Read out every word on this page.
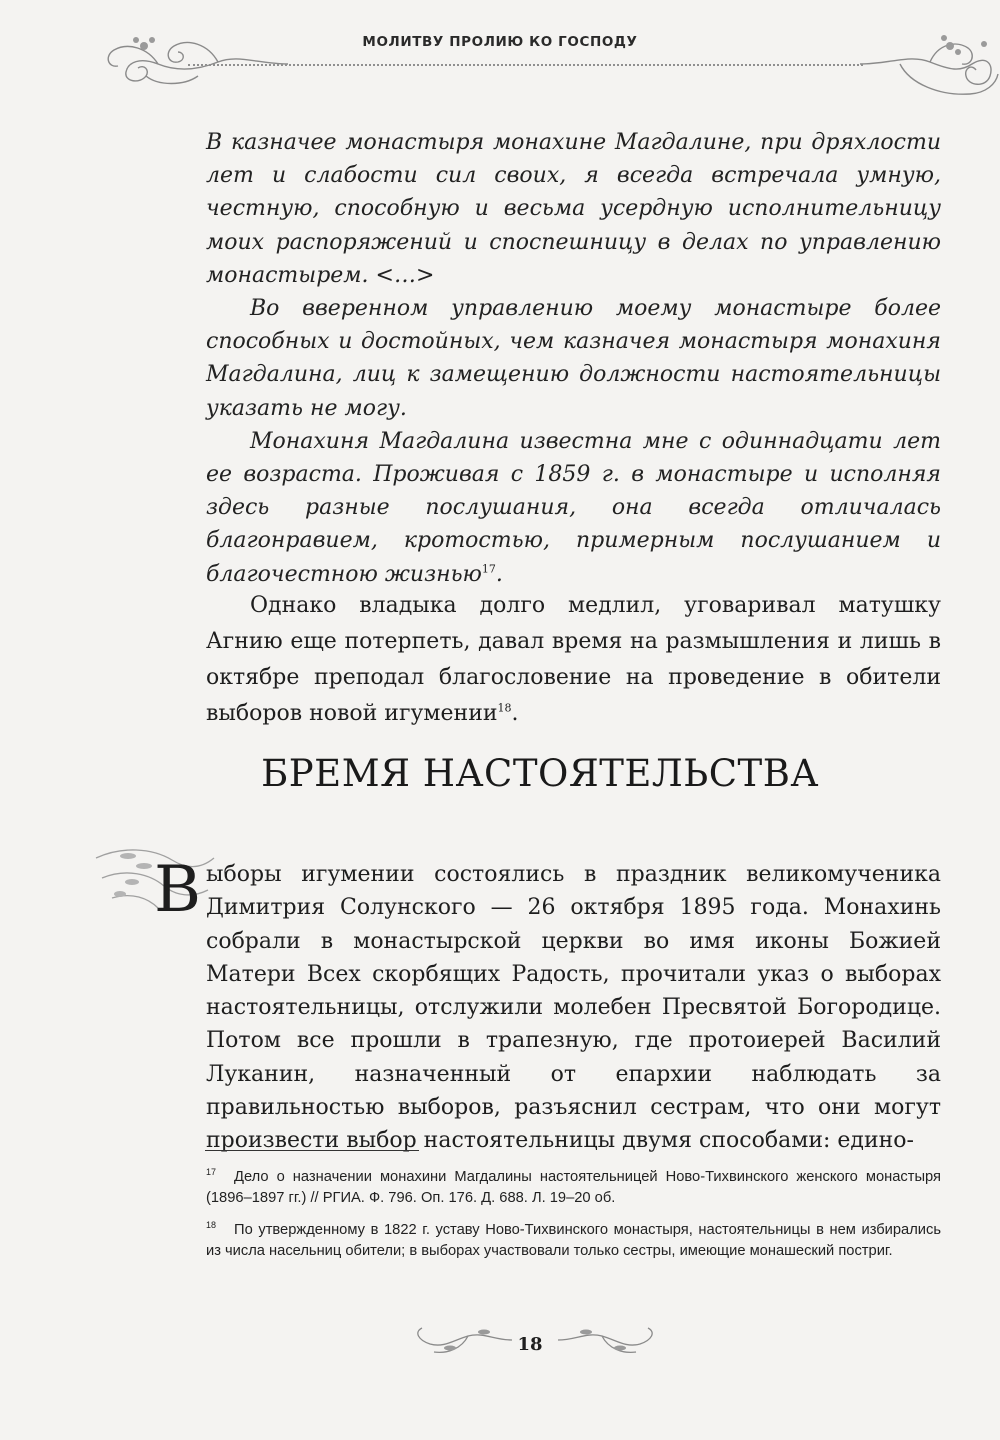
МОЛИТВУ ПРОЛИЮ КО ГОСПОДУ

В казначее монастыря монахине Магдалине, при дряхлости лет и слабости сил своих, я всегда встречала умную, честную, способную и весьма усердную исполнительницу моих распоряжений и споспешницу в делах по управлению монастырем. <…>

Во вверенном управлению моему монастыре более способных и достойных, чем казначея монастыря монахиня Магдалина, лиц к замещению должности настоятельницы указать не могу.

Монахиня Магдалина известна мне с одиннадцати лет ее возраста. Проживая с 1859 г. в монастыре и исполняя здесь разные послушания, она всегда отличалась благонравием, кротостью, примерным послушанием и благочестною жизнью$^{17}$.

Однако владыка долго медлил, уговаривал матушку Агнию еще потерпеть, давал время на размышления и лишь в октябре преподал благословение на проведение в обители выборов новой игумении$^{18}$.
БРЕМЯ НАСТОЯТЕЛЬСТВА
Выборы игумении состоялись в праздник великомученика Димитрия Солунского — 26 октября 1895 года. Монахинь собрали в монастырской церкви во имя иконы Божией Матери Всех скорбящих Радость, прочитали указ о выборах настоятельницы, отслужили молебен Пресвятой Богородице. Потом все прошли в трапезную, где протоиерей Василий Луканин, назначенный от епархии наблюдать за правильностью выборов, разъяснил сестрам, что они могут произвести выбор настоятельницы двумя способами: едино-

$^{17}$ Дело о назначении монахини Магдалины настоятельницей Ново-Тихвинского женского монастыря (1896–1897 гг.) // РГИА. Ф. 796. Оп. 176. Д. 688. Л. 19–20 об.

$^{18}$ По утвержденному в 1822 г. уставу Ново-Тихвинского монастыря, настоятельницы в нем избирались из числа насельниц обители; в выборах участвовали только сестры, имеющие монашеский постриг.

18
